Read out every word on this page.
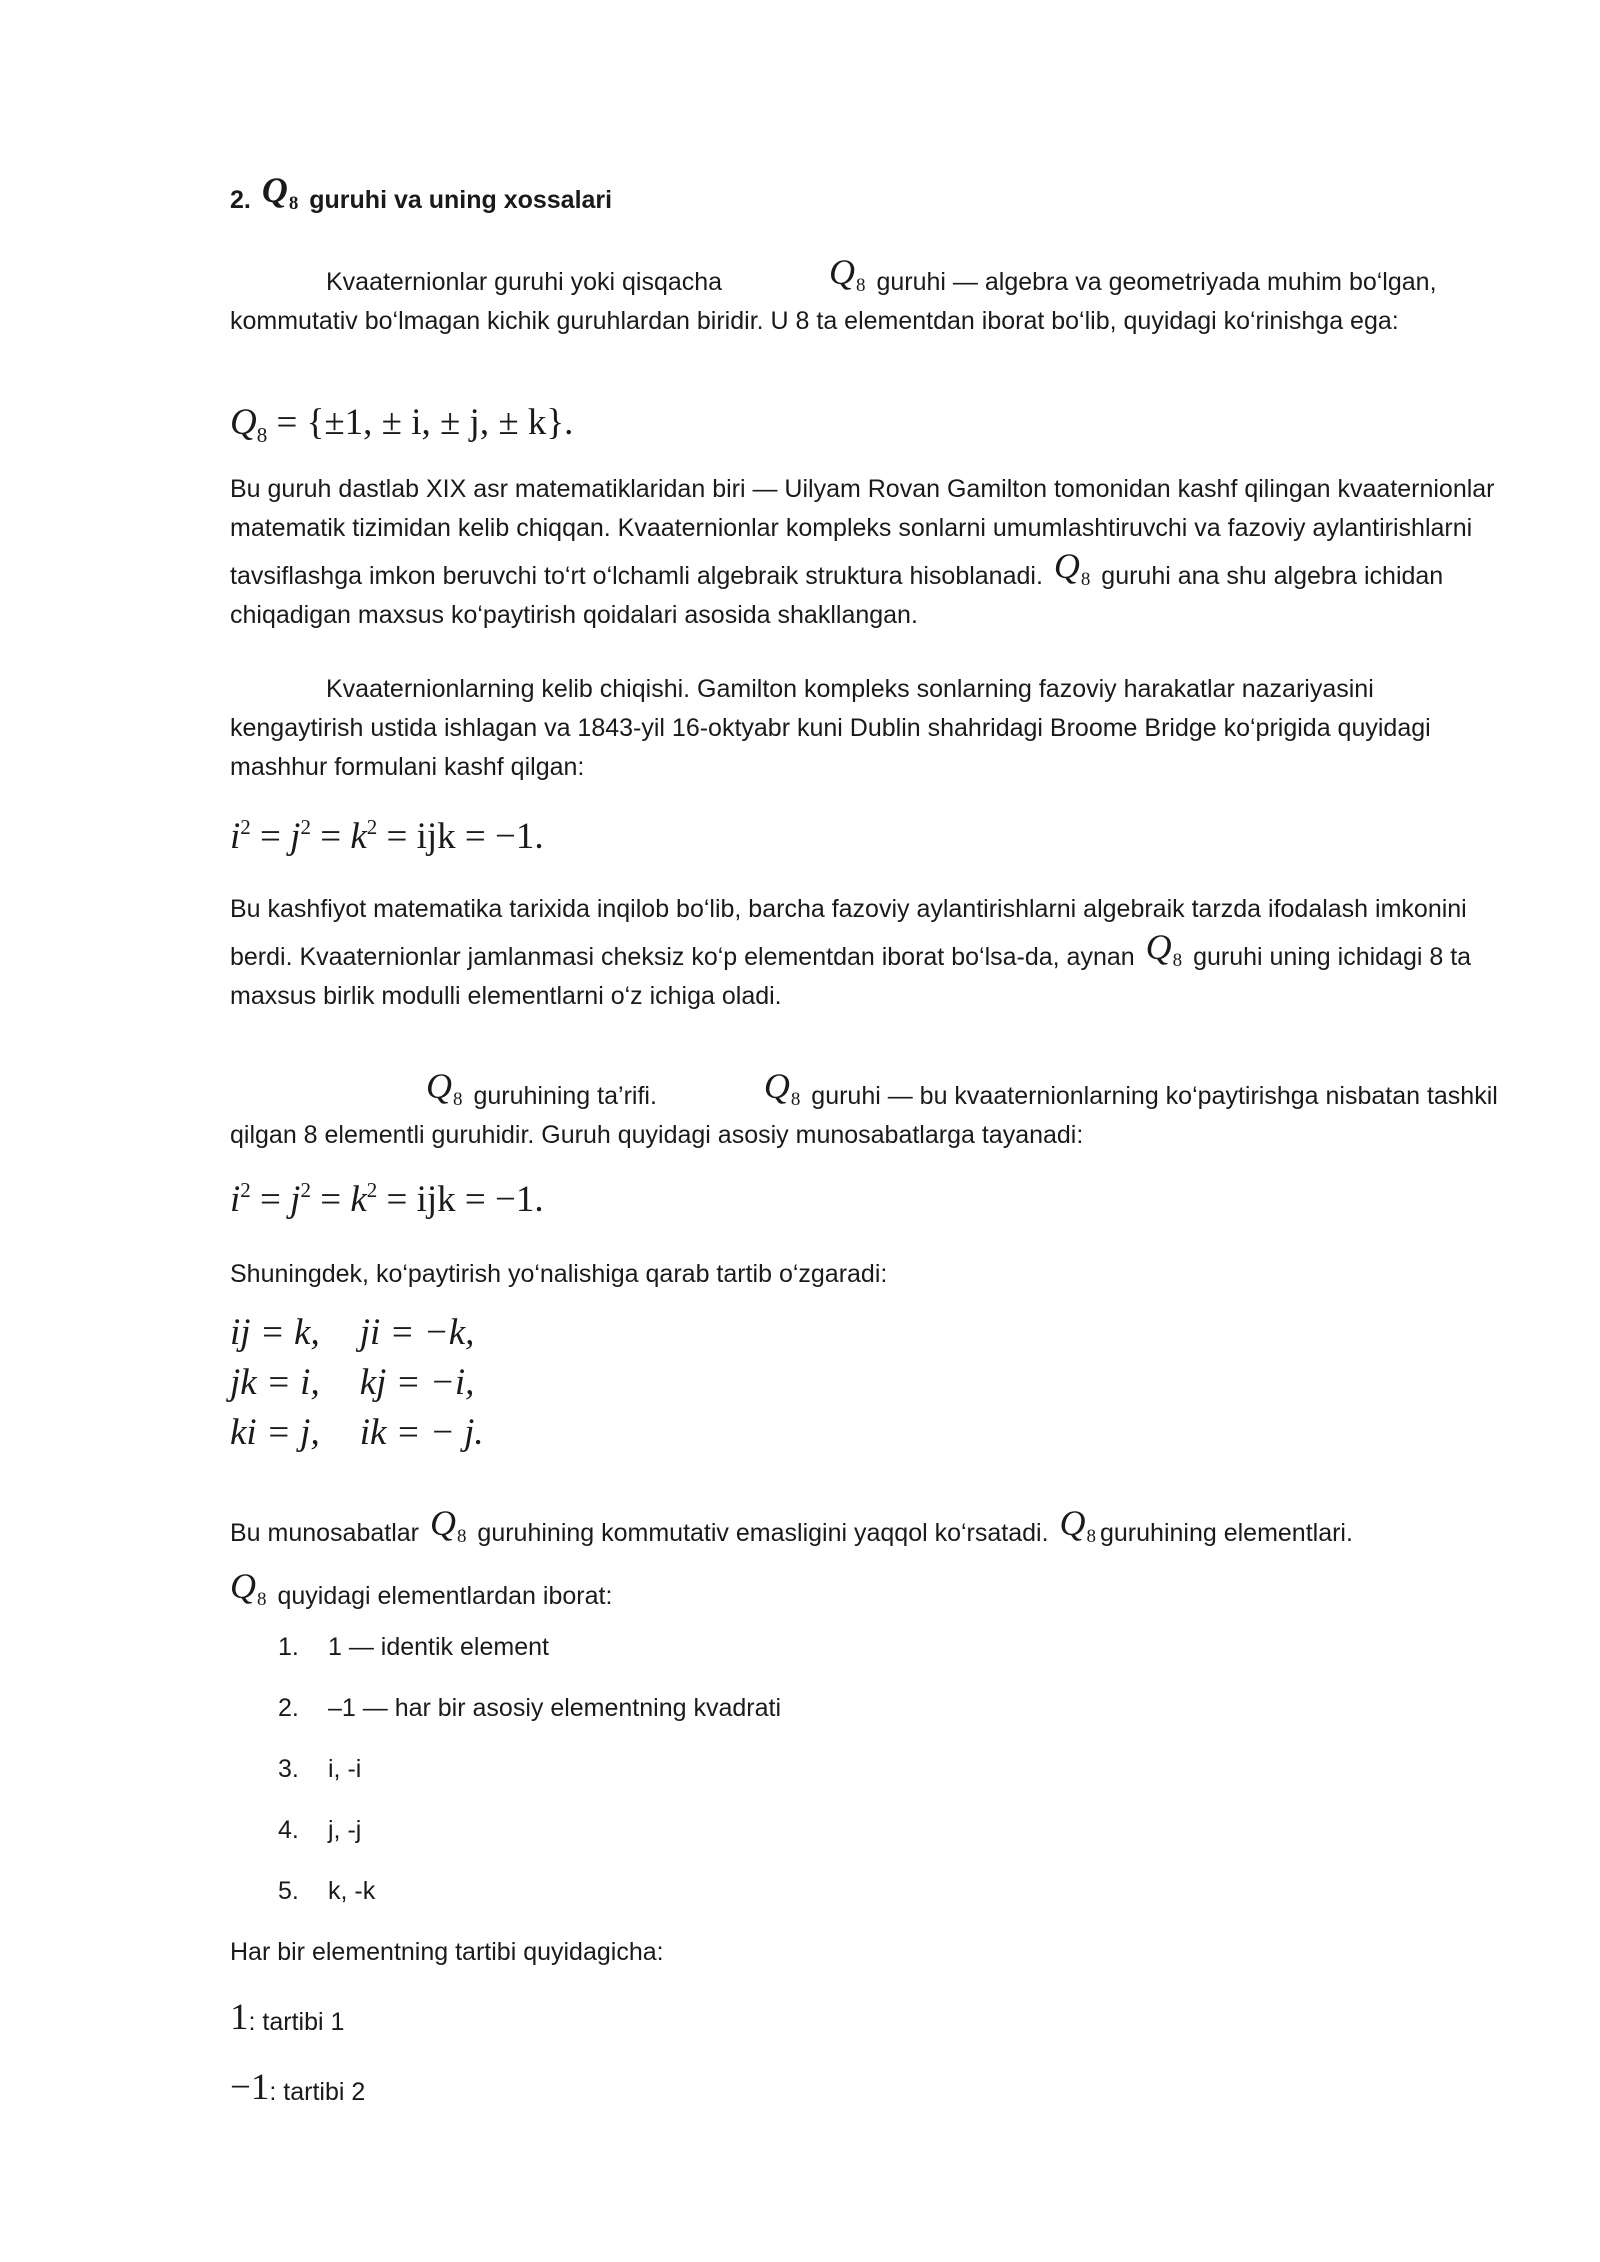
2. $Q_8$ guruhi va uning xossalari
Kvaaternionlar guruhi yoki qisqacha	$Q_8$ guruhi — algebra va geometriyada muhim bo‘lgan, kommutativ bo‘lmagan kichik guruhlardan biridir. U 8 ta elementdan iborat bo‘lib, quyidagi ko‘rinishga ega:
$Q_8 = \{\pm 1$, ± i, ± j, ± k}.
Bu guruh dastlab XIX asr matematiklaridan biri — Uilyam Rovan Gamilton tomonidan kashf qilingan kvaaternionlar matematik tizimidan kelib chiqqan. Kvaaternionlar kompleks sonlarni umumlashtiruvchi va fazoviy aylantirishlarni tavsiflashga imkon beruvchi to‘rt o‘lchamli algebraik struktura hisoblanadi. $Q_8$ guruhi ana shu algebra ichidan chiqadigan maxsus ko‘paytirish qoidalari asosida shakllangan.
Kvaaternionlarning kelib chiqishi. Gamilton kompleks sonlarning fazoviy harakatlar nazariyasini kengaytirish ustida ishlagan va 1843-yil 16-oktyabr kuni Dublin shahridagi Broome Bridge ko‘prigida quyidagi mashhur formulani kashf qilgan:
$i^2 = j^2 = k^2$ = ijk = −1.
Bu kashfiyot matematika tarixida inqilob bo‘lib, barcha fazoviy aylantirishlarni algebraik tarzda ifodalash imkonini berdi. Kvaaternionlar jamlanmasi cheksiz ko‘p elementdan iborat bo‘lsa-da, aynan $Q_8$ guruhi uning ichidagi 8 ta maxsus birlik modulli elementlarni o‘z ichiga oladi.
$Q_8$ guruhining ta’rifi.	$Q_8$ guruhi — bu kvaaternionlarning ko‘paytirishga nisbatan tashkil qilgan 8 elementli guruhidir. Guruh quyidagi asosiy munosabatlarga tayanadi:
$i^2 = j^2 = k^2$ = ijk = −1.
Shuningdek, ko‘paytirish yo‘nalishiga qarab tartib o‘zgaradi:
ij = k,	ji = −k,
jk = i,	kj = −i,
ki = j,	ik = − j.
Bu munosabatlar $Q_8$ guruhining kommutativ emasligini yaqqol ko‘rsatadi. $Q_8$ guruhining elementlari.
$Q_8$ quyidagi elementlardan iborat:
1. 1 — identik element
2. –1 — har bir asosiy elementning kvadrati
3. i, -i
4. j, -j
5. k, -k
Har bir elementning tartibi quyidagicha:
1: tartibi 1
−1: tartibi 2
